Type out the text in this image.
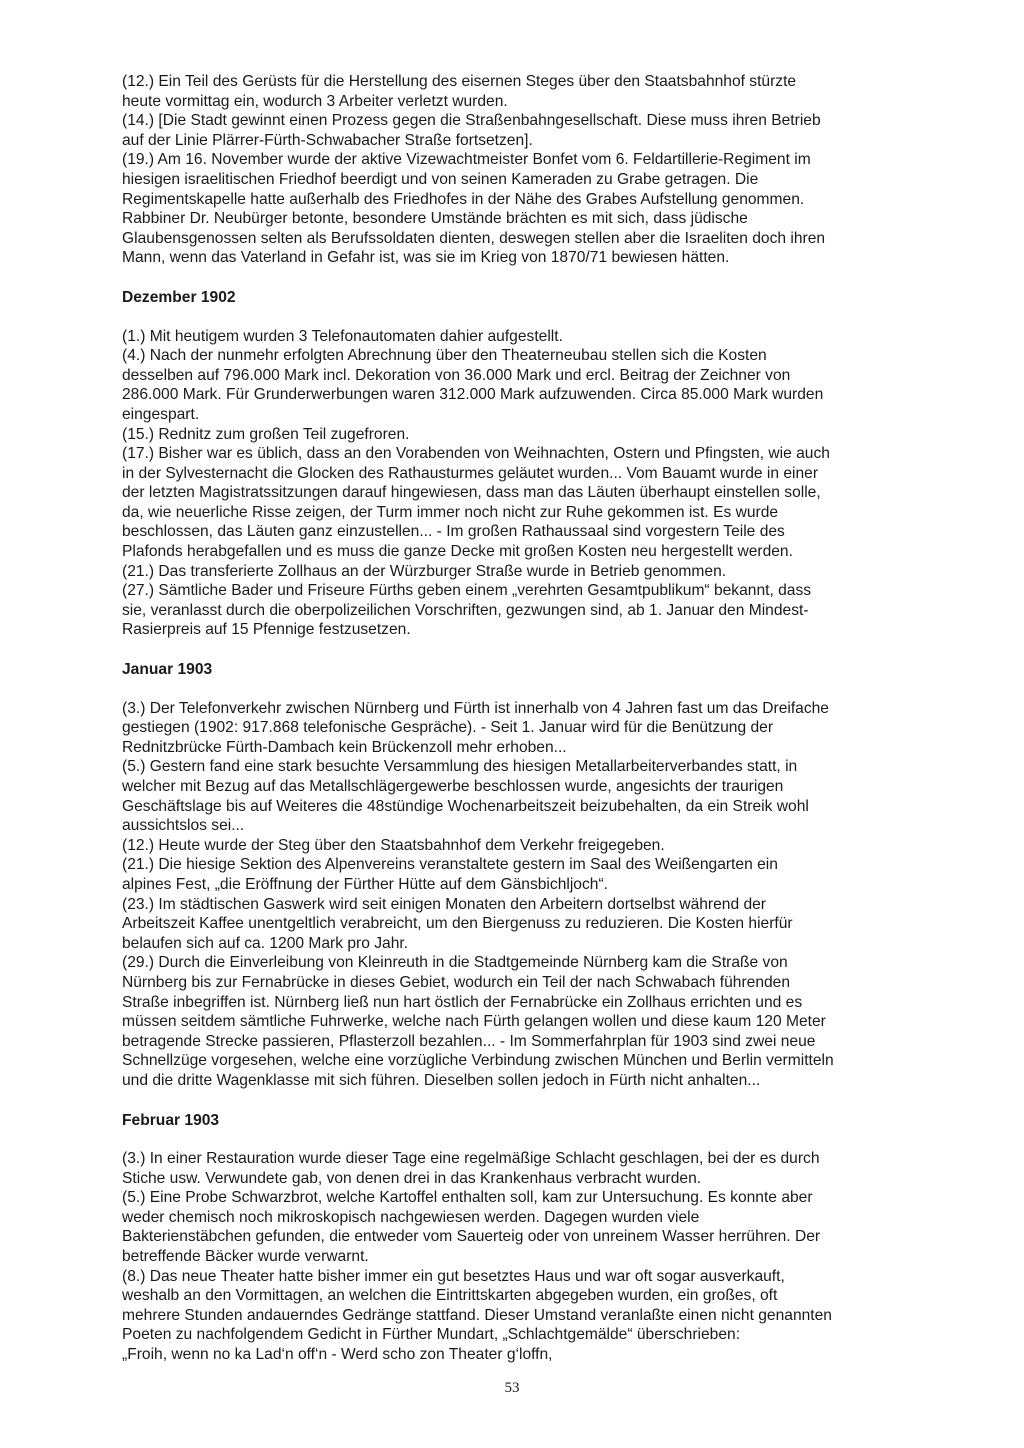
(12.) Ein Teil des Gerüsts für die Herstellung des eisernen Steges über den Staatsbahnhof stürzte
heute vormittag ein, wodurch 3 Arbeiter verletzt wurden.
(14.) [Die Stadt gewinnt einen Prozess gegen die Straßenbahngesellschaft. Diese muss ihren Betrieb
auf der Linie Plärrer-Fürth-Schwabacher Straße fortsetzen].
(19.) Am 16. November wurde der aktive Vizewachtmeister Bonfet vom 6. Feldartillerie-Regiment im
hiesigen israelitischen Friedhof beerdigt und von seinen Kameraden zu Grabe getragen. Die
Regimentskapelle hatte außerhalb des Friedhofes in der Nähe des Grabes Aufstellung genommen.
Rabbiner Dr. Neubürger betonte, besondere Umstände brächten es mit sich, dass jüdische
Glaubensgenossen selten als Berufssoldaten dienten, deswegen stellen aber die Israeliten doch ihren
Mann, wenn das Vaterland in Gefahr ist, was sie im Krieg von 1870/71 bewiesen hätten.
Dezember 1902
(1.) Mit heutigem wurden 3 Telefonautomaten dahier aufgestellt.
(4.) Nach der nunmehr erfolgten Abrechnung über den Theaterneubau stellen sich die Kosten
desselben auf 796.000 Mark incl. Dekoration von 36.000 Mark und ercl. Beitrag der Zeichner von
286.000 Mark. Für Grunderwerbungen waren 312.000 Mark aufzuwenden. Circa 85.000 Mark wurden
eingespart.
(15.) Rednitz zum großen Teil zugefroren.
(17.) Bisher war es üblich, dass an den Vorabenden von Weihnachten, Ostern und Pfingsten, wie auch
in der Sylvesternacht die Glocken des Rathausturmes geläutet wurden... Vom Bauamt wurde in einer
der letzten Magistratssitzungen darauf hingewiesen, dass man das Läuten überhaupt einstellen solle,
da, wie neuerliche Risse zeigen, der Turm immer noch nicht zur Ruhe gekommen ist. Es wurde
beschlossen, das Läuten ganz einzustellen... - Im großen Rathaussaal sind vorgestern Teile des
Plafonds herabgefallen und es muss die ganze Decke mit großen Kosten neu hergestellt werden.
(21.) Das transferierte Zollhaus an der Würzburger Straße wurde in Betrieb genommen.
(27.) Sämtliche Bader und Friseure Fürths geben einem „verehrten Gesamtpublikum“ bekannt, dass
sie, veranlasst durch die oberpolizeilichen Vorschriften, gezwungen sind, ab 1. Januar den Mindest-
Rasierpreis auf 15 Pfennige festzusetzen.
Januar 1903
(3.) Der Telefonverkehr zwischen Nürnberg und Fürth ist innerhalb von 4 Jahren fast um das Dreifache
gestiegen (1902: 917.868 telefonische Gespräche). - Seit 1. Januar wird für die Benützung der
Rednitzbrücke Fürth-Dambach kein Brückenzoll mehr erhoben...
(5.) Gestern fand eine stark besuchte Versammlung des hiesigen Metallarbeiterverbandes statt, in
welcher mit Bezug auf das Metallschlägergewerbe beschlossen wurde, angesichts der traurigen
Geschäftslage bis auf Weiteres die 48stündige Wochenarbeitszeit beizubehalten, da ein Streik wohl
aussichtslos sei...
(12.) Heute wurde der Steg über den Staatsbahnhof dem Verkehr freigegeben.
(21.) Die hiesige Sektion des Alpenvereins veranstaltete gestern im Saal des Weißengarten ein
alpines Fest, „die Eröffnung der Fürther Hütte auf dem Gänsbichljoch“.
(23.) Im städtischen Gaswerk wird seit einigen Monaten den Arbeitern dortselbst während der
Arbeitszeit Kaffee unentgeltlich verabreicht, um den Biergenuss zu reduzieren. Die Kosten hierfür
belaufen sich auf ca. 1200 Mark pro Jahr.
(29.) Durch die Einverleibung von Kleinreuth in die Stadtgemeinde Nürnberg kam die Straße von
Nürnberg bis zur Fernabrücke in dieses Gebiet, wodurch ein Teil der nach Schwabach führenden
Straße inbegriffen ist. Nürnberg ließ nun hart östlich der Fernabrücke ein Zollhaus errichten und es
müssen seitdem sämtliche Fuhrwerke, welche nach Fürth gelangen wollen und diese kaum 120 Meter
betragende Strecke passieren, Pflasterzoll bezahlen... - Im Sommerfahrplan für 1903 sind zwei neue
Schnellzüge vorgesehen, welche eine vorzügliche Verbindung zwischen München und Berlin vermitteln
und die dritte Wagenklasse mit sich führen. Dieselben sollen jedoch in Fürth nicht anhalten...
Februar 1903
(3.) In einer Restauration wurde dieser Tage eine regelmäßige Schlacht geschlagen, bei der es durch
Stiche usw. Verwundete gab, von denen drei in das Krankenhaus verbracht wurden.
(5.) Eine Probe Schwarzbrot, welche Kartoffel enthalten soll, kam zur Untersuchung. Es konnte aber
weder chemisch noch mikroskopisch nachgewiesen werden. Dagegen wurden viele
Bakterienstäbchen gefunden, die entweder vom Sauerteig oder von unreinem Wasser herrühren. Der
betreffende Bäcker wurde verwarnt.
(8.) Das neue Theater hatte bisher immer ein gut besetztes Haus und war oft sogar ausverkauft,
weshalb an den Vormittagen, an welchen die Eintrittskarten abgegeben wurden, ein großes, oft
mehrere Stunden andauerndes Gedränge stattfand. Dieser Umstand veranlaßte einen nicht genannten
Poeten zu nachfolgendem Gedicht in Fürther Mundart, „Schlachtgemälde“ überschrieben:
„Froih, wenn no ka Lad‘n off‘n - Werd scho zon Theater g‘loffn,
53
